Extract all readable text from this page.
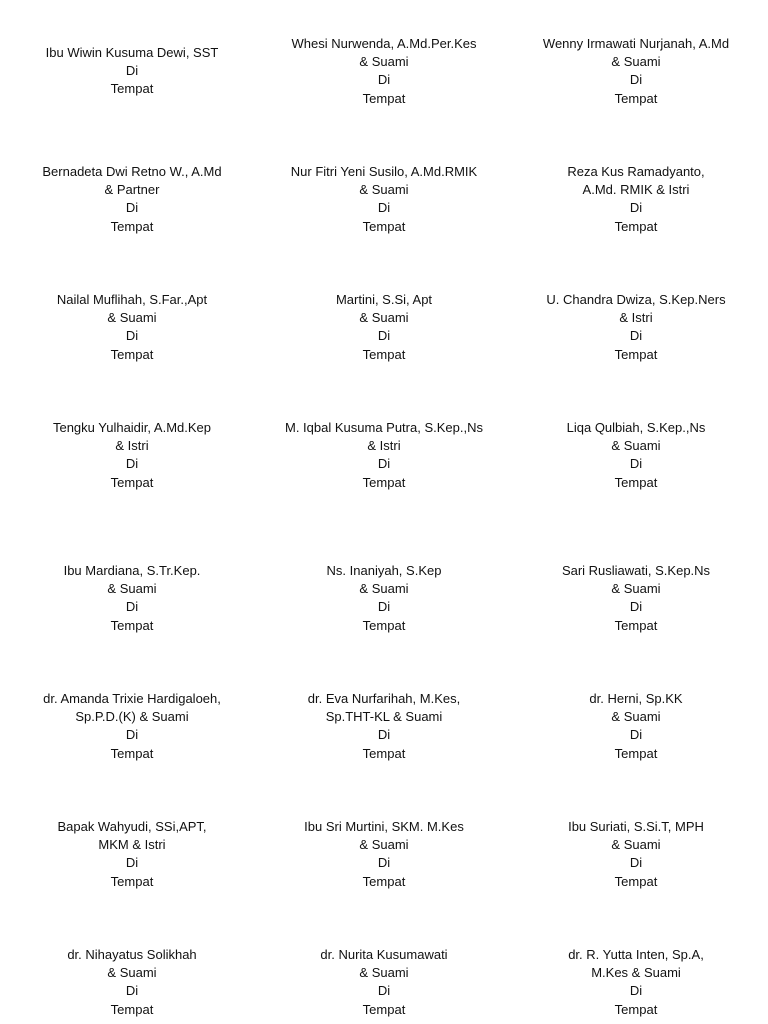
Ibu Wiwin Kusuma Dewi, SST
Di
Tempat
Whesi Nurwenda, A.Md.Per.Kes
& Suami
Di
Tempat
Wenny Irmawati Nurjanah, A.Md
& Suami
Di
Tempat
Bernadeta Dwi Retno W., A.Md
& Partner
Di
Tempat
Nur Fitri Yeni Susilo, A.Md.RMIK
& Suami
Di
Tempat
Reza Kus Ramadyanto,
A.Md. RMIK & Istri
Di
Tempat
Nailal Muflihah, S.Far.,Apt
& Suami
Di
Tempat
Martini, S.Si, Apt
& Suami
Di
Tempat
U. Chandra Dwiza, S.Kep.Ners
& Istri
Di
Tempat
Tengku Yulhaidir, A.Md.Kep
& Istri
Di
Tempat
M. Iqbal Kusuma Putra, S.Kep.,Ns
& Istri
Di
Tempat
Liqa Qulbiah, S.Kep.,Ns
& Suami
Di
Tempat
Ibu Mardiana, S.Tr.Kep.
& Suami
Di
Tempat
Ns. Inaniyah, S.Kep
& Suami
Di
Tempat
Sari Rusliawati, S.Kep.Ns
& Suami
Di
Tempat
dr. Amanda Trixie Hardigaloeh,
Sp.P.D.(K) & Suami
Di
Tempat
dr. Eva Nurfarihah, M.Kes,
Sp.THT-KL & Suami
Di
Tempat
dr. Herni, Sp.KK
& Suami
Di
Tempat
Bapak Wahyudi, SSi,APT,
MKM & Istri
Di
Tempat
Ibu Sri Murtini, SKM. M.Kes
& Suami
Di
Tempat
Ibu Suriati, S.Si.T, MPH
& Suami
Di
Tempat
dr. Nihayatus Solikhah
& Suami
Di
Tempat
dr. Nurita Kusumawati
& Suami
Di
Tempat
dr. R. Yutta Inten, Sp.A,
M.Kes & Suami
Di
Tempat
